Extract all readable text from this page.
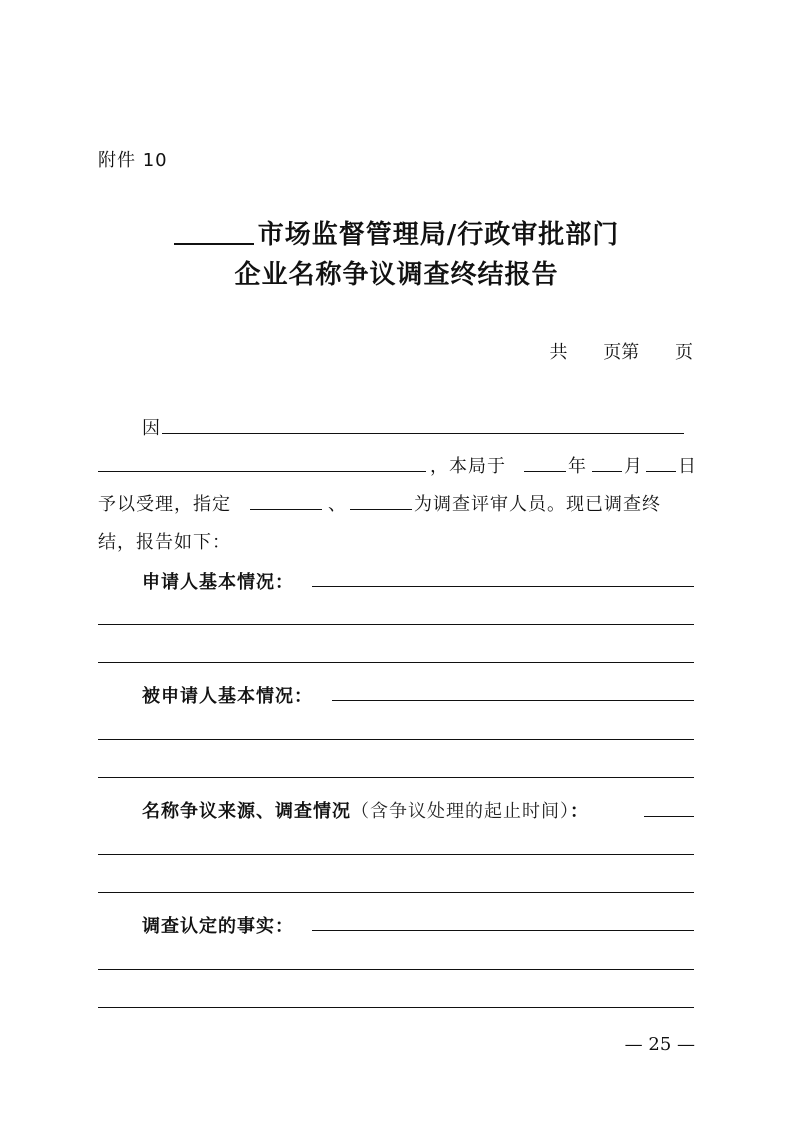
附件 10
市场监督管理局/行政审批部门
企业名称争议调查终结报告
共 页第 页
因
，本局于	年 月 日
予以受理，指定	、	为调查评审人员。现已调查终
结，报告如下：
申请人基本情况：
被申请人基本情况：
名称争议来源、调查情况（含争议处理的起止时间）：
调查认定的事实：
— 25 —
